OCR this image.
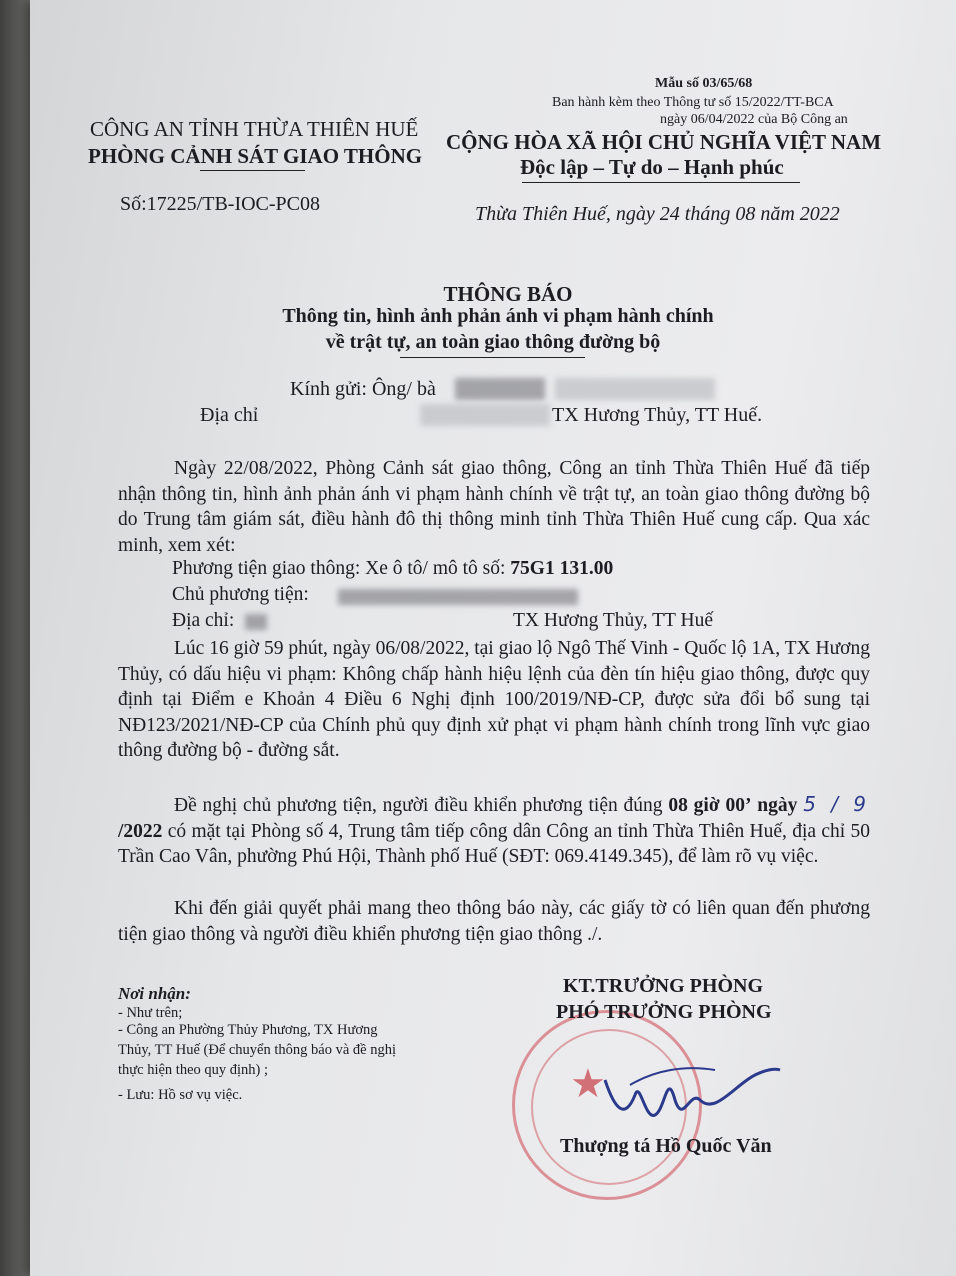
Mẫu số 03/65/68
Ban hành kèm theo Thông tư số 15/2022/TT-BCA
ngày 06/04/2022 của Bộ Công an
CÔNG AN TỈNH THỪA THIÊN HUẾ
PHÒNG CẢNH SÁT GIAO THÔNG
Số:17225/TB-IOC-PC08
CỘNG HÒA XÃ HỘI CHỦ NGHĨA VIỆT NAM
Độc lập – Tự do – Hạnh phúc
Thừa Thiên Huế, ngày 24 tháng 08 năm 2022
THÔNG BÁO
Thông tin, hình ảnh phản ánh vi phạm hành chính
về trật tự, an toàn giao thông đường bộ
Kính gửi: Ông/ bà
Địa chỉ	TX Hương Thủy, TT Huế.

Ngày 22/08/2022, Phòng Cảnh sát giao thông, Công an tỉnh Thừa Thiên Huế đã tiếp nhận thông tin, hình ảnh phản ánh vi phạm hành chính về trật tự, an toàn giao thông đường bộ do Trung tâm giám sát, điều hành đô thị thông minh tỉnh Thừa Thiên Huế cung cấp. Qua xác minh, xem xét:

Phương tiện giao thông: Xe ô tô/ mô tô số: 75G1 131.00
Chủ phương tiện:
Địa chỉ:	TX Hương Thủy, TT Huế

Lúc 16 giờ 59 phút, ngày 06/08/2022, tại giao lộ Ngô Thế Vinh - Quốc lộ 1A, TX Hương Thủy, có dấu hiệu vi phạm: Không chấp hành hiệu lệnh của đèn tín hiệu giao thông, được quy định tại Điểm e Khoản 4 Điều 6 Nghị định 100/2019/NĐ-CP, được sửa đổi bổ sung tại NĐ123/2021/NĐ-CP của Chính phủ quy định xử phạt vi phạm hành chính trong lĩnh vực giao thông đường bộ - đường sắt.

Đề nghị chủ phương tiện, người điều khiển phương tiện đúng 08 giờ 00’ ngày 5 / 9 /2022 có mặt tại Phòng số 4, Trung tâm tiếp công dân Công an tỉnh Thừa Thiên Huế, địa chỉ 50 Trần Cao Vân, phường Phú Hội, Thành phố Huế (SĐT: 069.4149.345), để làm rõ vụ việc.

Khi đến giải quyết phải mang theo thông báo này, các giấy tờ có liên quan đến phương tiện giao thông và người điều khiển phương tiện giao thông ./.

Nơi nhận:
- Như trên;
- Công an Phường Thủy Phương, TX Hương
Thủy, TT Huế (Để chuyển thông báo và đề nghị
thực hiện theo quy định) ;
- Lưu: Hồ sơ vụ việc.	★
KT.TRƯỞNG PHÒNG
PHÓ TRƯỞNG PHÒNG
Thượng tá Hồ Quốc Văn
